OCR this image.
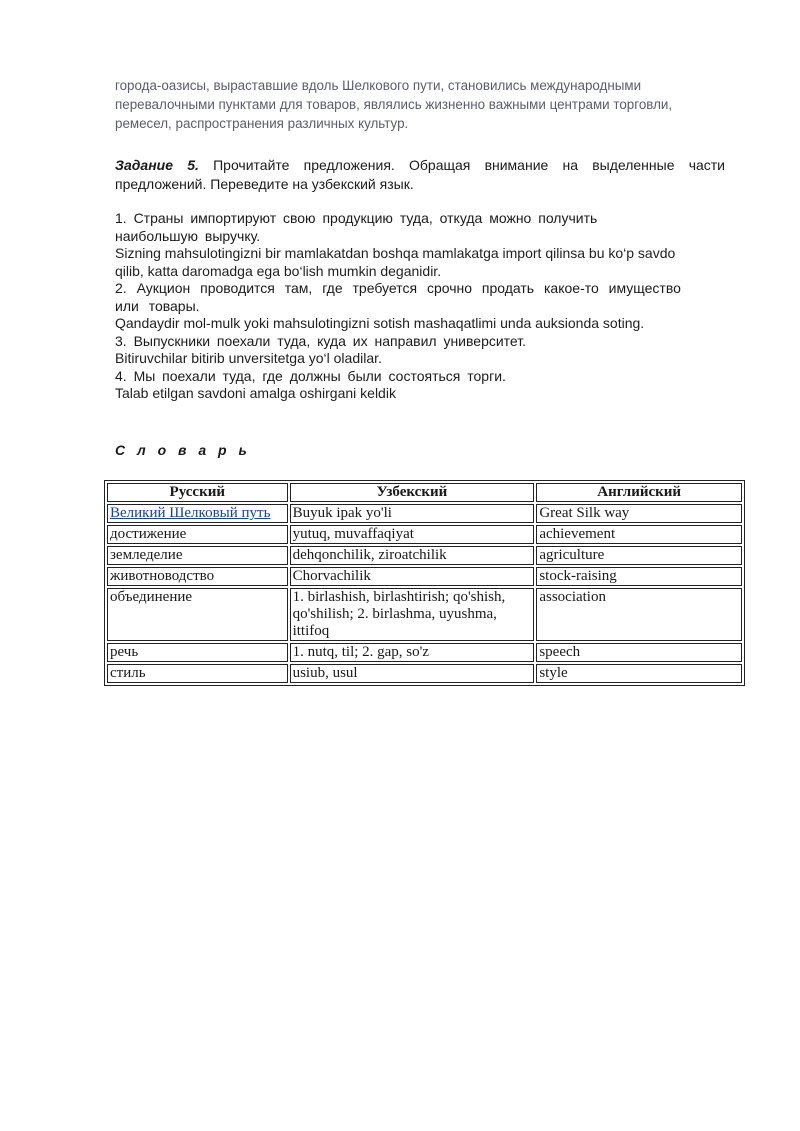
города-оазисы, выраставшие вдоль Шелкового пути, становились международными

перевалочными пунктами для товаров, являлись жизненно важными центрами торговли,

ремесел, распространения различных культур.

Задание 5. Прочитайте предложения. Обращая внимание на выделенные части предложений. Переведите на узбекский язык.
1. Страны импортируют свою продукцию туда, откуда можно получить
наибольшую выручку.
Sizning mahsulotingizni bir mamlakatdan boshqa mamlakatga import qilinsa bu ko‘p savdo
qilib, katta daromadga ega bo‘lish mumkin deganidir.
2. Аукцион проводится там, где требуется срочно продать какое-то имущество или товары.
Qandaydir mol-mulk yoki mahsulotingizni sotish mashaqatlimi unda auksionda soting.
3. Выпускники поехали туда, куда их направил университет.
Bitiruvchilar bitirib unversitetga yo‘l oladilar.
4. Мы поехали туда, где должны были состояться торги.
Talab etilgan savdoni amalga oshirgani keldik
С л о в а р ь
Русский	Узбекский	Английский
Великий Шелковый путь	Buyuk ipak yo'li	Great Silk way
достижение	yutuq, muvaffaqiyat	achievement
земледелие	dehqonchilik, ziroatchilik	agriculture
животноводство	Chorvachilik	stock-raising
объединение	1. birlashish, birlashtirish; qo'shish, qo'shilish; 2. birlashma, uyushma, ittifoq	association
речь	1. nutq, til; 2. gap, so'z	speech
стиль	usiub, usul	style
